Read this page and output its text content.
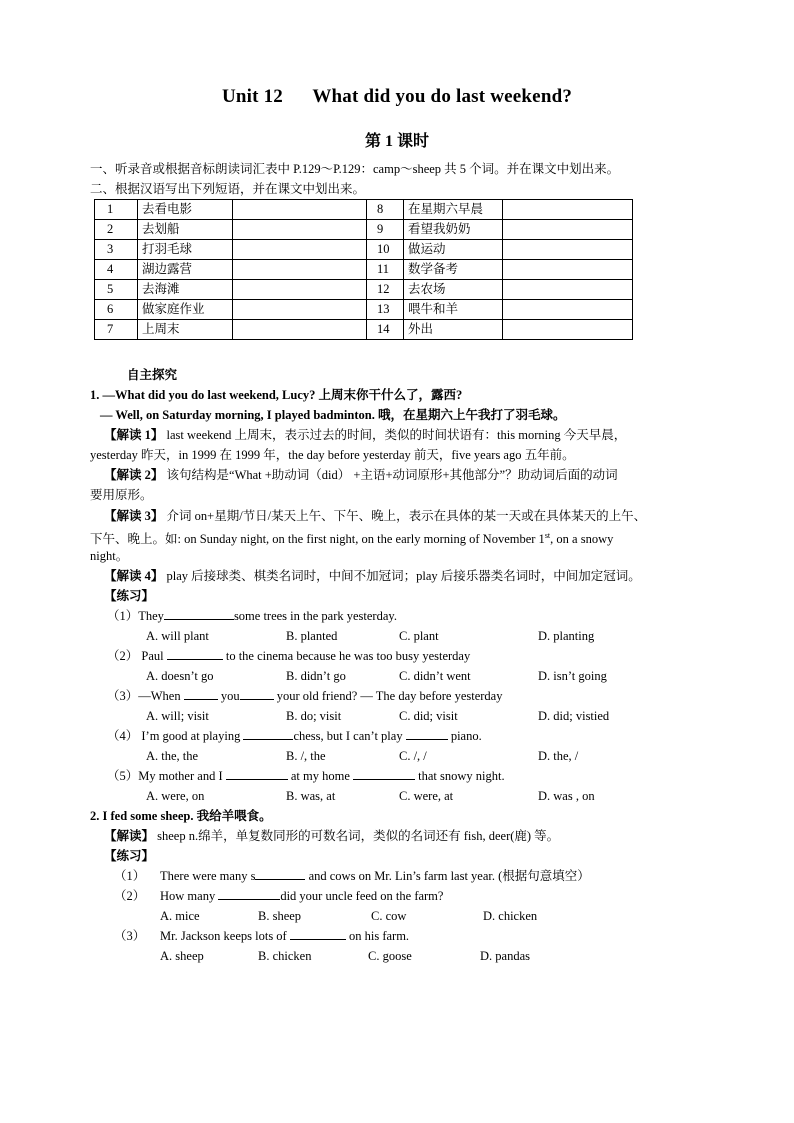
Unit 12      What did you do last weekend?
第 1 课时
一、听录音或根据音标朗读词汇表中 P.129～P.129：camp～sheep 共 5 个词。并在课文中划出来。
二、根据汉语写出下列短语，并在课文中划出来。
1	去看电影		8	在星期六早晨	
2	去划船		9	看望我奶奶	
3	打羽毛球		10	做运动	
4	湖边露营		11	数学备考	
5	去海滩		12	去农场	
6	做家庭作业		13	喂牛和羊	
7	上周末		14	外出	
自主探究
1. —What did you do last weekend, Lucy? 上周末你干什么了，露西?
— Well, on Saturday morning, I played badminton. 哦，在星期六上午我打了羽毛球。
【解读 1】 last weekend 上周末，表示过去的时间，类似的时间状语有：this morning 今天早晨，
yesterday 昨天，in 1999 在 1999 年，the day before yesterday 前天，five years ago 五年前。
【解读 2】 该句结构是“What +助动词（did） +主语+动词原形+其他部分”？助动词后面的动词
要用原形。
【解读 3】 介词 on+星期/节日/某天上午、下午、晚上，表示在具体的某一天或在具体某天的上午、
下午、晚上。如: on Sunday night, on the first night, on the early morning of November 1st, on a snowy
night。
【解读 4】 play 后接球类、棋类名词时，中间不加冠词；play 后接乐器类名词时，中间加定冠词。
【练习】
（1）They	some trees in the park yesterday.
A. will plant	B. planted	C. plant	D. planting
（2） Paul	to the cinema because he was too busy yesterday
A. doesn’t go	B. didn’t go	C. didn’t went	D. isn’t going
（3）—When	you	your old friend? — The day before yesterday
A. will; visit	B. do; visit	C. did; visit	D. did; vistied
（4） I’m good at playing	chess, but I can’t play	piano.
A. the, the	B. /, the	C. /, /	D. the, /
（5）My mother and I	at my home	that snowy night.
A. were, on	B. was, at	C. were, at	D. was , on
2. I fed some sheep. 我给羊喂食。
【解读】 sheep n.绵羊，单复数同形的可数名词，类似的名词还有 fish, deer(鹿) 等。
【练习】
（1） There were many s	and cows on Mr. Lin’s farm last year. (根据句意填空）
（2） How many	did your uncle feed on the farm?
A. mice	B. sheep	C. cow	D. chicken
（3） Mr. Jackson keeps lots of	on his farm.
A. sheep	B. chicken	C. goose	D. pandas
